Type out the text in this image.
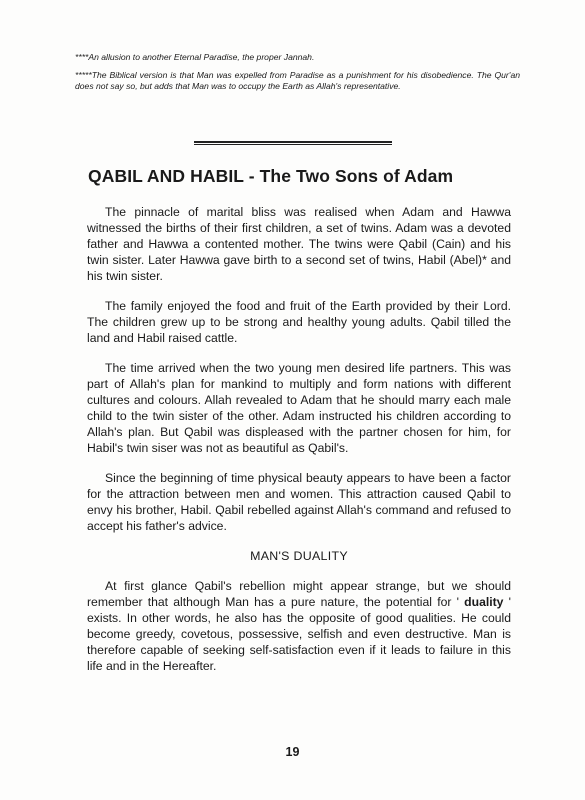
****An allusion to another Eternal Paradise, the proper Jannah.

*****The Biblical version is that Man was expelled from Paradise as a punishment for his disobedience. The Qur'an does not say so, but adds that Man was to occupy the Earth as Allah's representative.

QABIL AND HABIL - The Two Sons of Adam

The pinnacle of marital bliss was realised when Adam and Hawwa witnessed the births of their first children, a set of twins. Adam was a devoted father and Hawwa a contented mother. The twins were Qabil (Cain) and his twin sister. Later Hawwa gave birth to a second set of twins, Habil (Abel)* and his twin sister.

The family enjoyed the food and fruit of the Earth provided by their Lord. The children grew up to be strong and healthy young adults. Qabil tilled the land and Habil raised cattle.

The time arrived when the two young men desired life partners. This was part of Allah's plan for mankind to multiply and form nations with different cultures and colours. Allah revealed to Adam that he should marry each male child to the twin sister of the other. Adam instructed his children according to Allah's plan. But Qabil was displeased with the partner chosen for him, for Habil's twin siser was not as beautiful as Qabil's.

Since the beginning of time physical beauty appears to have been a factor for the attraction between men and women. This attraction caused Qabil to envy his brother, Habil. Qabil rebelled against Allah's command and refused to accept his father's advice.

MAN'S DUALITY

At first glance Qabil's rebellion might appear strange, but we should remember that although Man has a pure nature, the potential for ' duality ' exists. In other words, he also has the opposite of good qualities. He could become greedy, covetous, possessive, selfish and even destructive. Man is therefore capable of seeking self-satisfaction even if it leads to failure in this life and in the Hereafter.

19
